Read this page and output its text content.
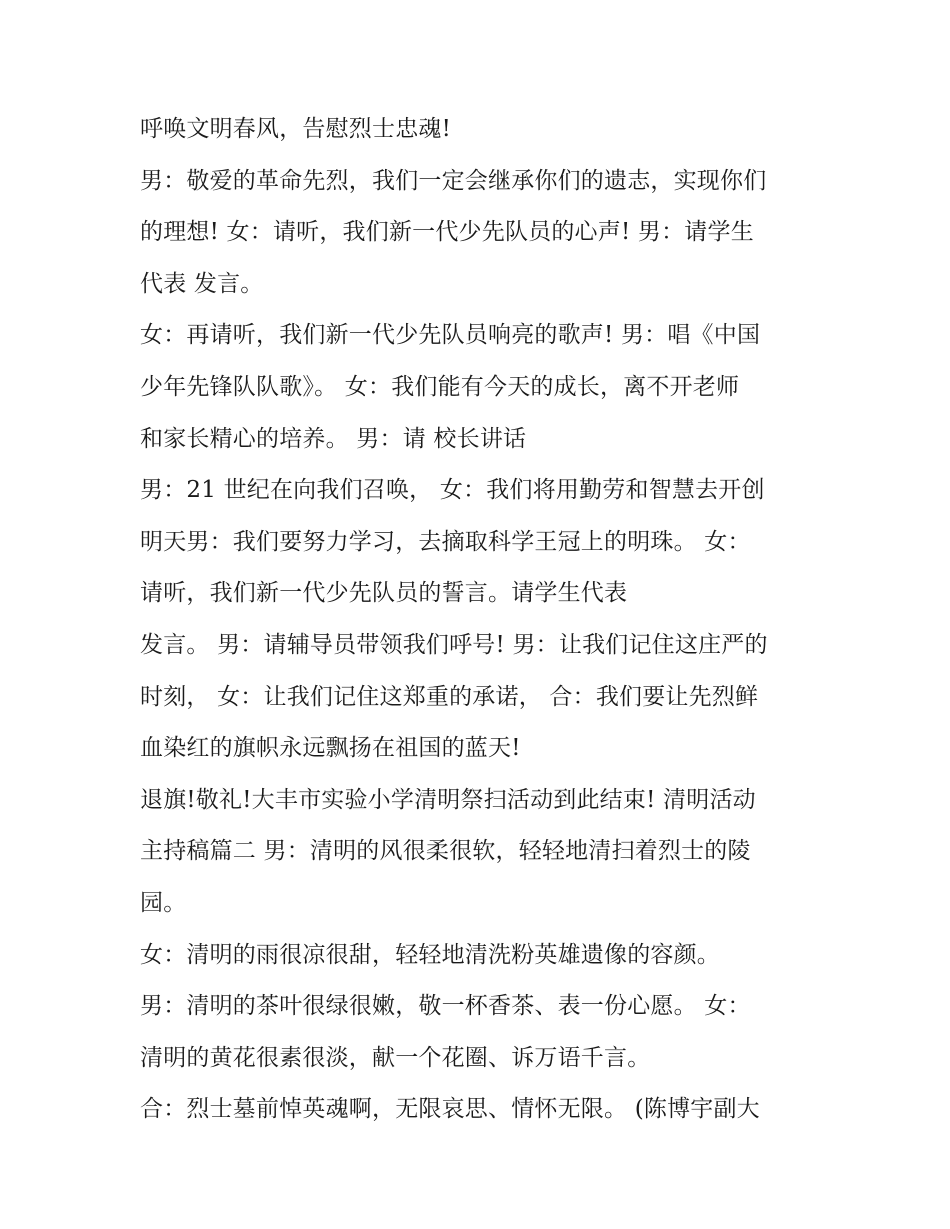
呼唤文明春风，告慰烈士忠魂!
男：敬爱的革命先烈，我们一定会继承你们的遗志，实现你们
的理想! 女：请听，我们新一代少先队员的心声! 男：请学生
代表 发言。
女：再请听，我们新一代少先队员响亮的歌声! 男：唱《中国
少年先锋队队歌》。 女：我们能有今天的成长，离不开老师
和家长精心的培养。 男：请 校长讲话
男：21 世纪在向我们召唤， 女：我们将用勤劳和智慧去开创
明天男：我们要努力学习，去摘取科学王冠上的明珠。 女：
请听，我们新一代少先队员的誓言。请学生代表
发言。 男：请辅导员带领我们呼号! 男：让我们记住这庄严的
时刻， 女：让我们记住这郑重的承诺， 合：我们要让先烈鲜
血染红的旗帜永远飘扬在祖国的蓝天!
退旗!敬礼!大丰市实验小学清明祭扫活动到此结束! 清明活动
主持稿篇二 男：清明的风很柔很软，轻轻地清扫着烈士的陵
园。
女：清明的雨很凉很甜，轻轻地清洗粉英雄遗像的容颜。
男：清明的茶叶很绿很嫩，敬一杯香茶、表一份心愿。 女：
清明的黄花很素很淡，献一个花圈、诉万语千言。
合：烈士墓前悼英魂啊，无限哀思、情怀无限。 (陈博宇副大
